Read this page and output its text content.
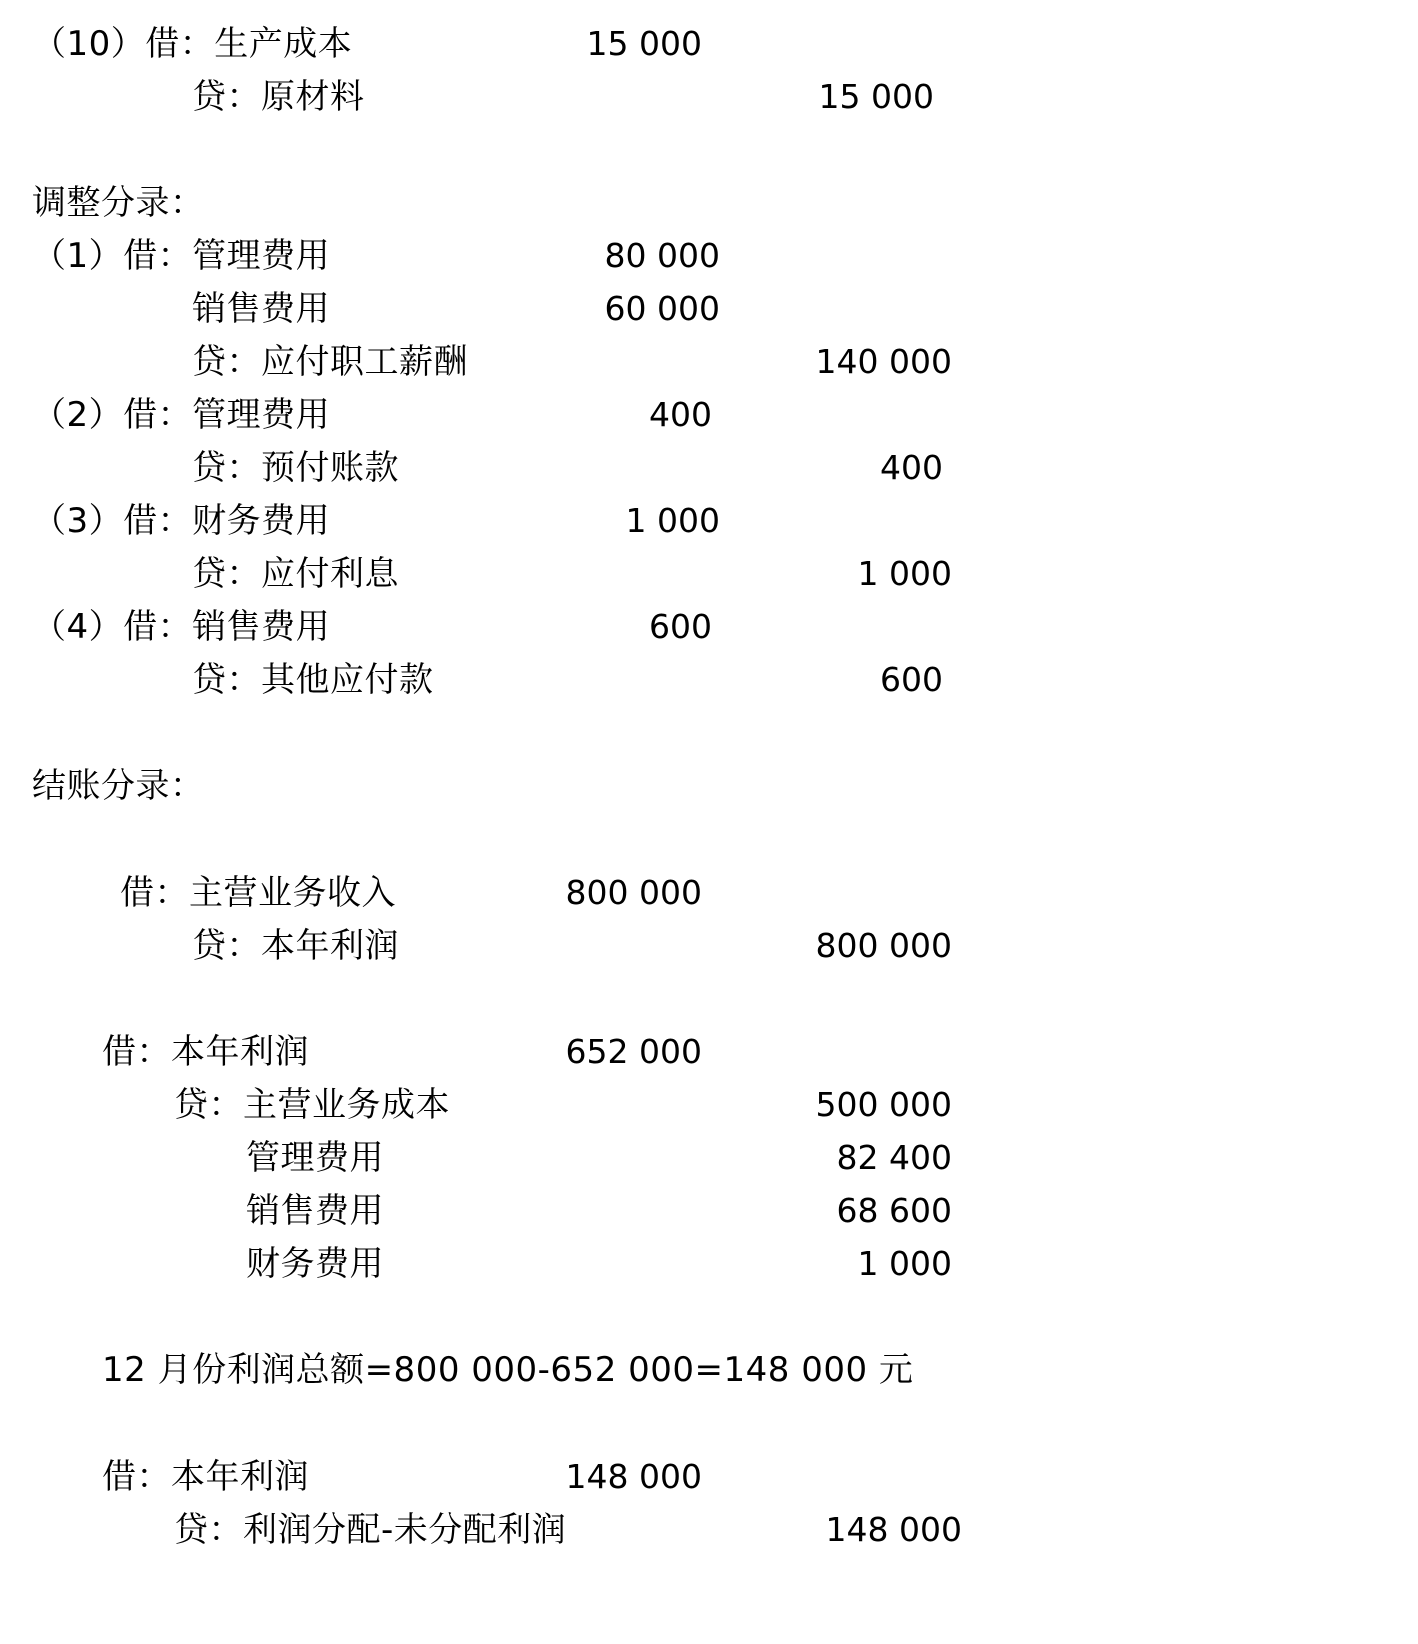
（10）借：生产成本	15 000
贷：原材料	15 000
调整分录：
（1）借：管理费用	80 000
销售费用	60 000
贷：应付职工薪酬	140 000
（2）借：管理费用	400
贷：预付账款	400
（3）借：财务费用	1 000
贷：应付利息	1 000
（4）借：销售费用	600
贷：其他应付款	600
结账分录：
借：主营业务收入	800 000
贷：本年利润	800 000
借：本年利润	652 000
贷：主营业务成本	500 000
管理费用	82 400
销售费用	68 600
财务费用	1 000
12 月份利润总额=800 000-652 000=148 000 元
借：本年利润	148 000
贷：利润分配-未分配利润	148 000
